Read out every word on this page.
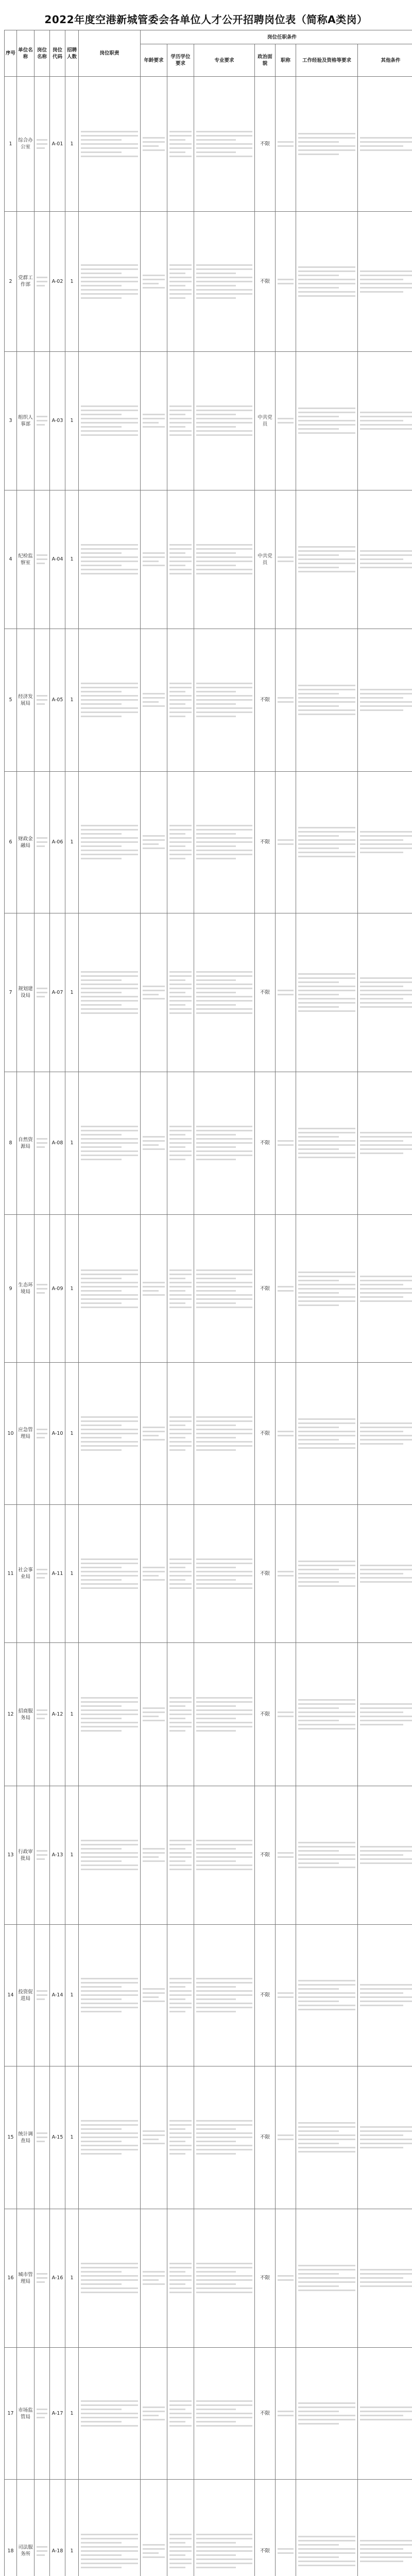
2022年度空港新城管委会各单位人才公开招聘岗位表（简称A类岗）
序号	单位名称	岗位名称	岗位代码	招聘人数	岗位职责	岗位任职条件						
						年龄要求	学历学位要求	专业要求	政治面貌	职称	工作经验及资格等要求	其他条件
1	综合办公室		A-01	1					不限	

2	党群工作部		A-02	1					不限	

3	组织人事部		A-03	1					中共党员	

4	纪检监察室		A-04	1					中共党员	

5	经济发展局		A-05	1					不限	

6	财政金融局		A-06	1					不限	

7	规划建设局		A-07	1					不限	

8	自然资源局		A-08	1					不限	

9	生态环境局		A-09	1					不限	

10	应急管理局		A-10	1					不限	

11	社会事业局		A-11	1					不限	

12	招商服务局		A-12	1					不限	

13	行政审批局		A-13	1					不限	

14	投资促进局		A-14	1					不限	

15	统计调查局		A-15	1					不限	

16	城市管理局		A-16	1					不限	

17	市场监管局		A-17	1					不限	

18	司法服务所		A-18	1					不限	
